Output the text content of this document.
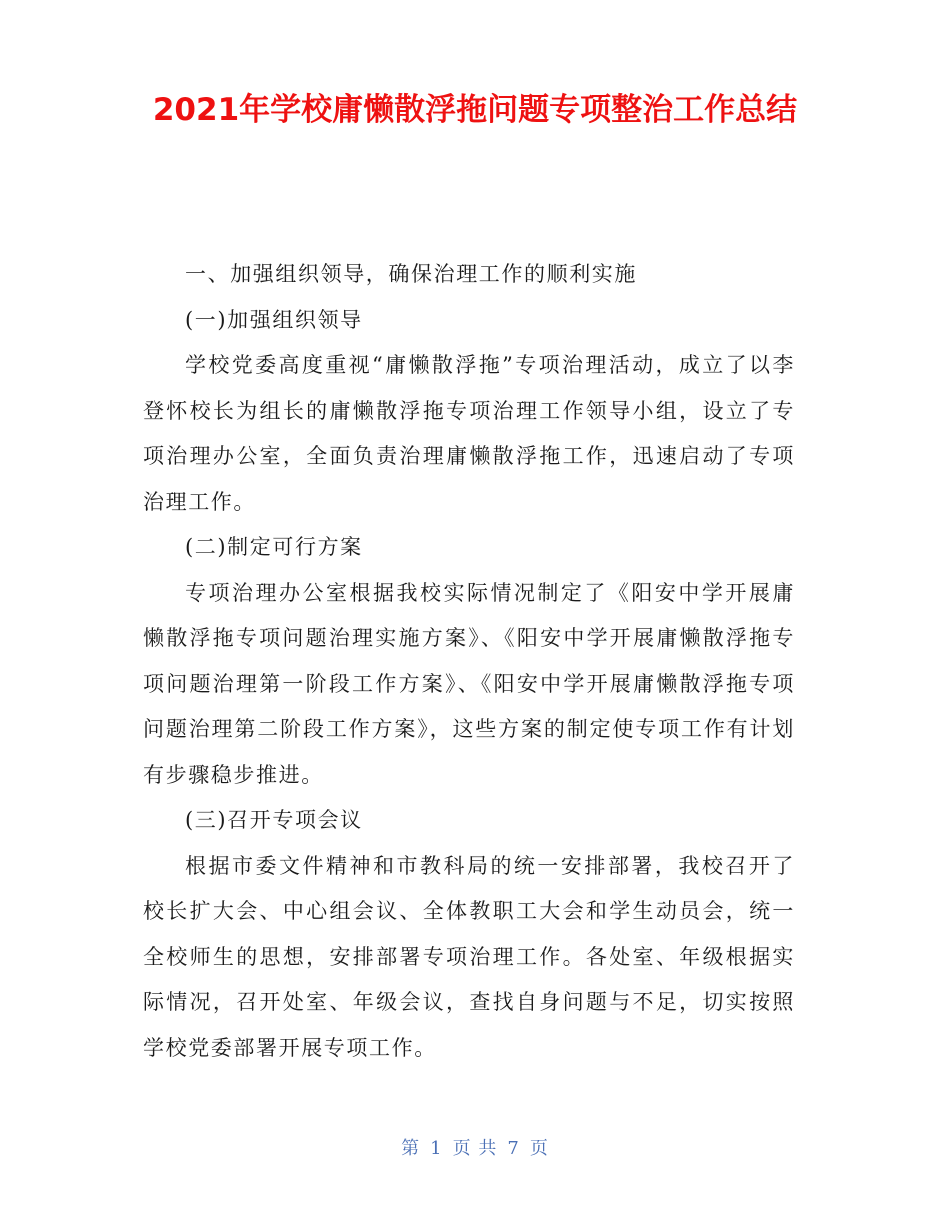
2021年学校庸懒散浮拖问题专项整治工作总结

一、加强组织领导，确保治理工作的顺利实施

(一)加强组织领导

学校党委高度重视“庸懒散浮拖”专项治理活动，成立了以李登怀校长为组长的庸懒散浮拖专项治理工作领导小组，设立了专项治理办公室，全面负责治理庸懒散浮拖工作，迅速启动了专项治理工作。

(二)制定可行方案

专项治理办公室根据我校实际情况制定了《阳安中学开展庸懒散浮拖专项问题治理实施方案》、《阳安中学开展庸懒散浮拖专项问题治理第一阶段工作方案》、《阳安中学开展庸懒散浮拖专项问题治理第二阶段工作方案》，这些方案的制定使专项工作有计划有步骤稳步推进。

(三)召开专项会议

根据市委文件精神和市教科局的统一安排部署，我校召开了校长扩大会、中心组会议、全体教职工大会和学生动员会，统一全校师生的思想，安排部署专项治理工作。各处室、年级根据实际情况，召开处室、年级会议，查找自身问题与不足，切实按照学校党委部署开展专项工作。

第 1 页 共 7 页
